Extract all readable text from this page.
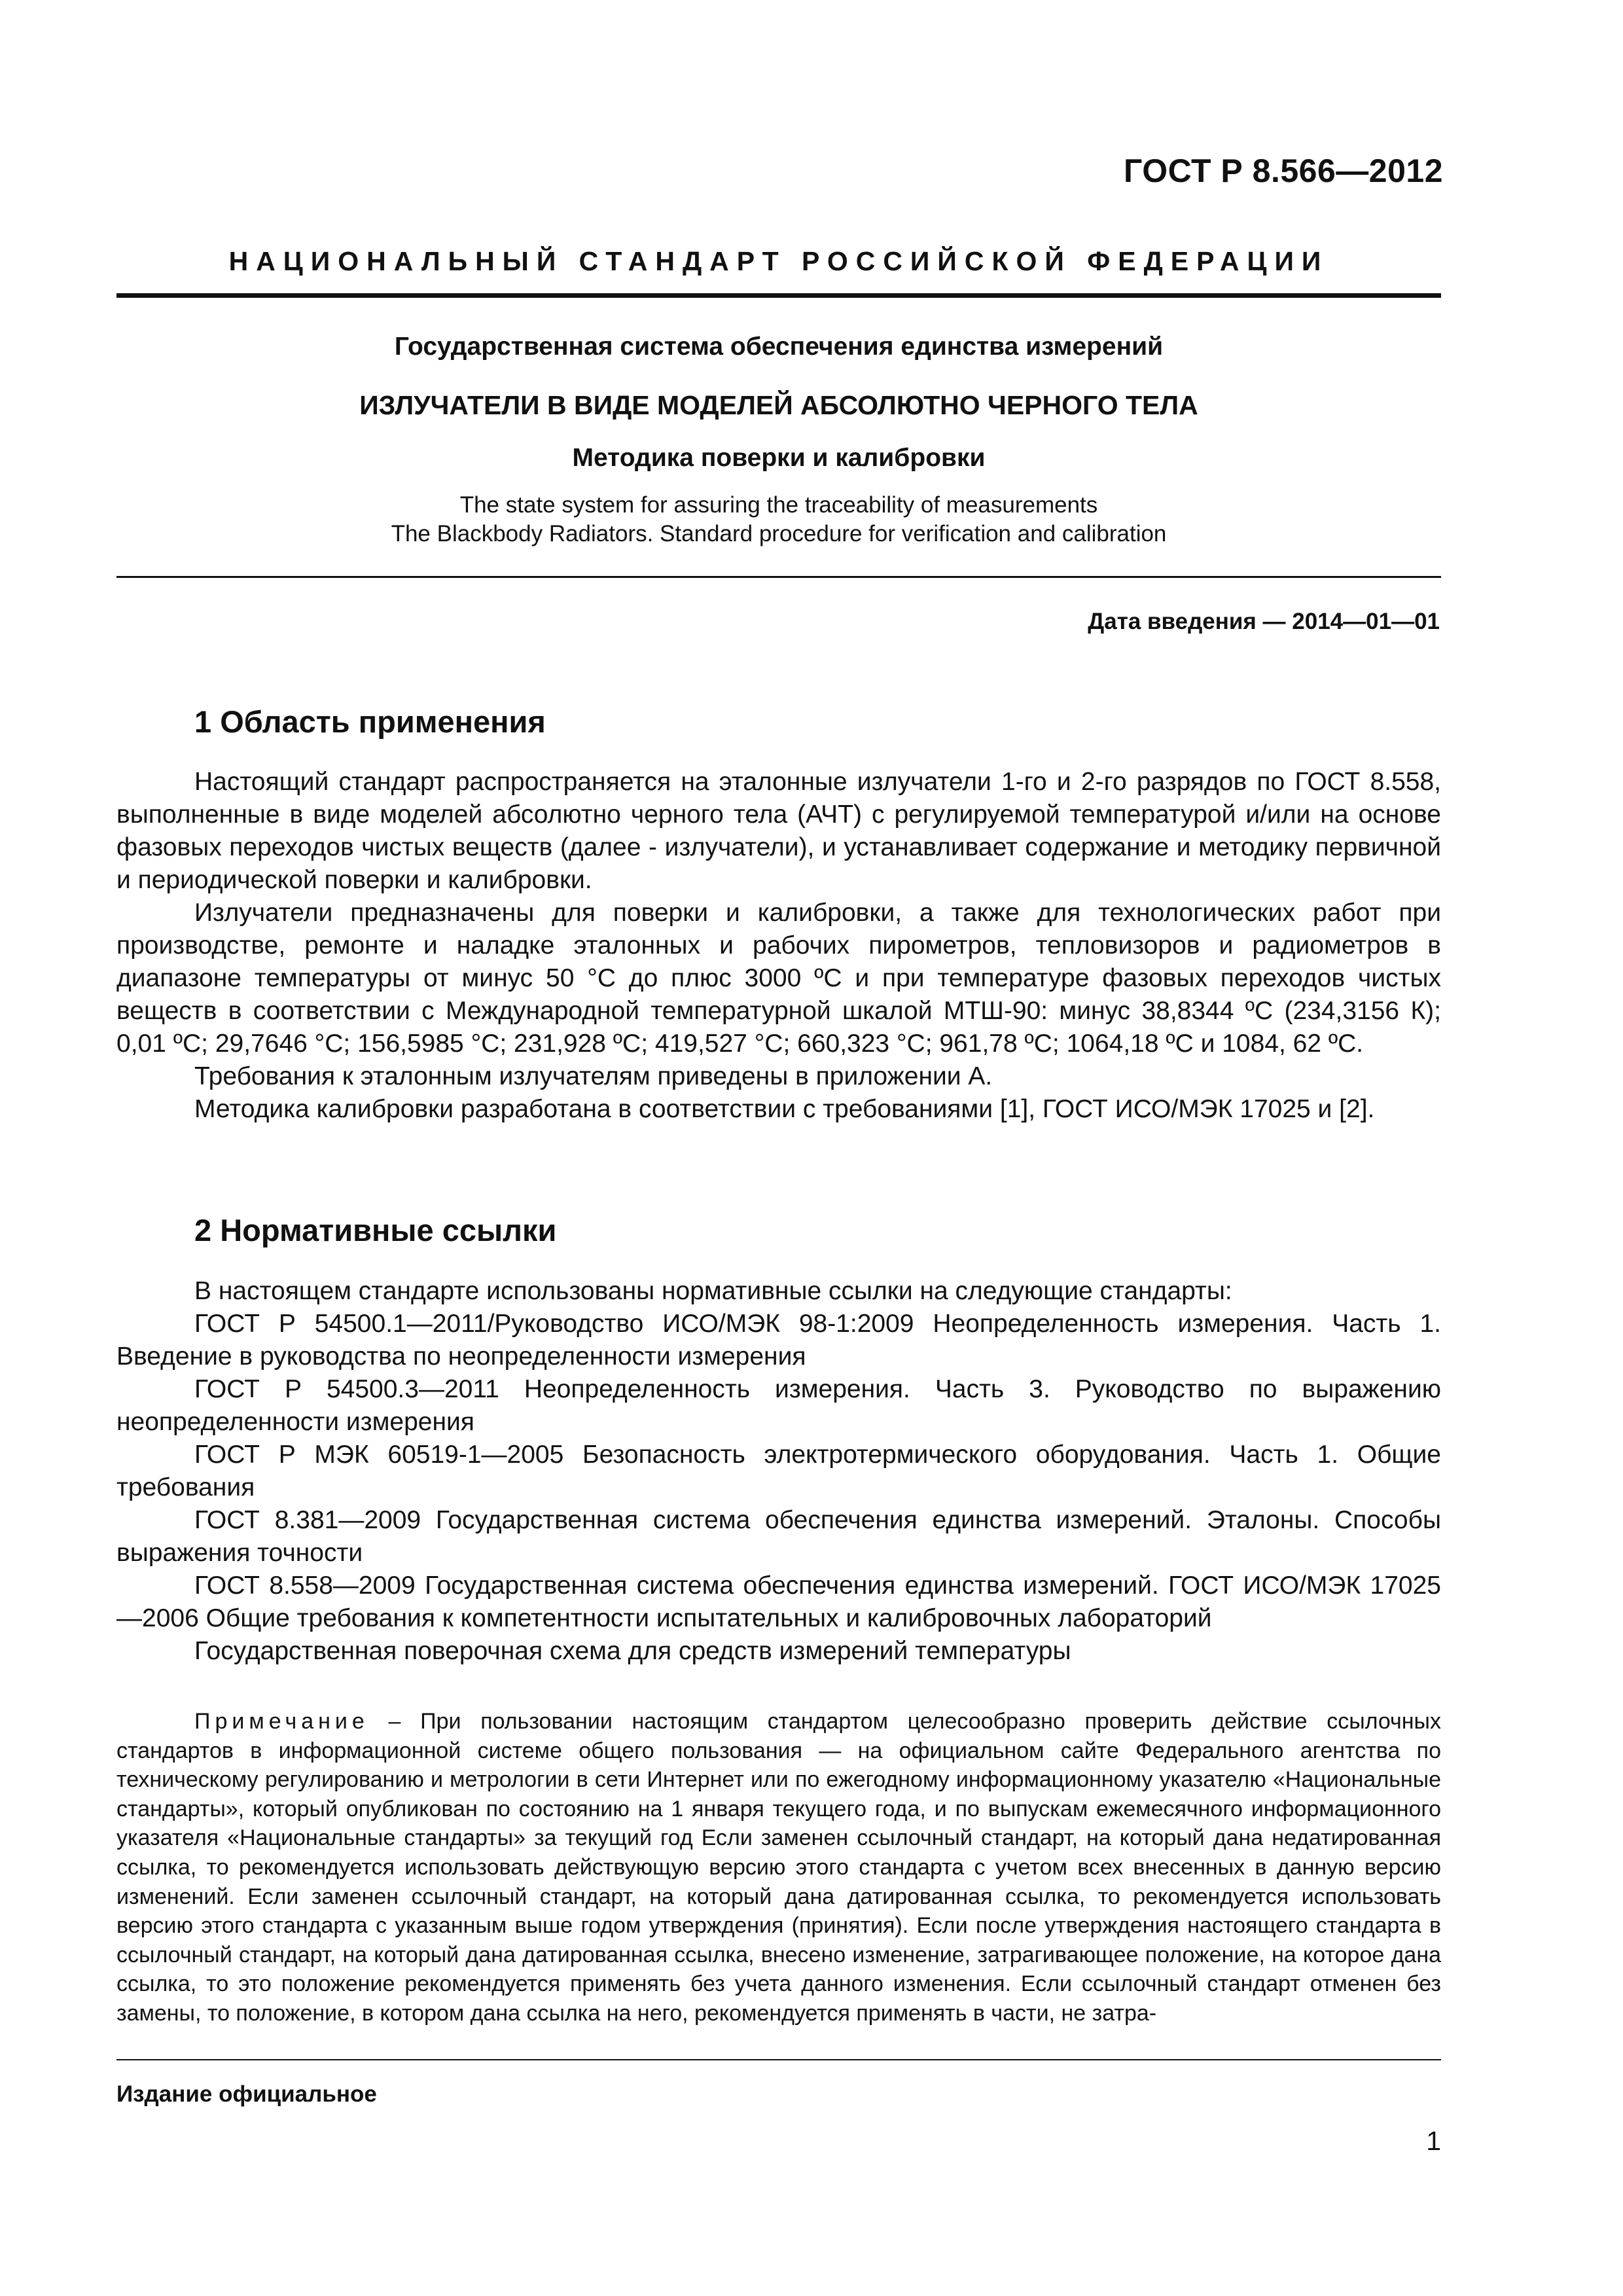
ГОСТ Р 8.566—2012
НАЦИОНАЛЬНЫЙ СТАНДАРТ РОССИЙСКОЙ ФЕДЕРАЦИИ
Государственная система обеспечения единства измерений
ИЗЛУЧАТЕЛИ В ВИДЕ МОДЕЛЕЙ АБСОЛЮТНО ЧЕРНОГО ТЕЛА
Методика поверки и калибровки
The state system for assuring the traceability of measurements
The Blackbody Radiators. Standard procedure for verification and calibration
Дата введения — 2014—01—01
1 Область применения

Настоящий стандарт распространяется на эталонные излучатели 1-го и 2-го разрядов по ГОСТ 8.558, выполненные в виде моделей абсолютно черного тела (АЧТ) с регулируемой температурой и/или на основе фазовых переходов чистых веществ (далее - излучатели), и устанавливает содержание и методику первичной и периодической поверки и калибровки.

Излучатели предназначены для поверки и калибровки, а также для технологических работ при производстве, ремонте и наладке эталонных и рабочих пирометров, тепловизоров и радиометров в диапазоне температуры от минус 50 °С до плюс 3000 ºС и при температуре фазовых переходов чистых веществ в соответствии с Международной температурной шкалой МТШ-90: минус 38,8344 ºС (234,3156 К); 0,01 ºС; 29,7646 °С; 156,5985 °С; 231,928 ºС; 419,527 °С; 660,323 °С; 961,78 ºС; 1064,18 ºС и 1084, 62 ºС.

Требования к эталонным излучателям приведены в приложении А.

Методика калибровки разработана в соответствии с требованиями [1], ГОСТ ИСО/МЭК 17025 и [2].

2 Нормативные ссылки

В настоящем стандарте использованы нормативные ссылки на следующие стандарты:

ГОСТ Р 54500.1—2011/Руководство ИСО/МЭК 98-1:2009 Неопределенность измерения. Часть 1. Введение в руководства по неопределенности измерения

ГОСТ Р 54500.3—2011 Неопределенность измерения. Часть 3. Руководство по выражению неопределенности измерения

ГОСТ Р МЭК 60519-1—2005 Безопасность электротермического оборудования. Часть 1. Общие требования

ГОСТ 8.381—2009 Государственная система обеспечения единства измерений. Эталоны. Способы выражения точности

ГОСТ 8.558—2009 Государственная система обеспечения единства измерений. ГОСТ ИСО/МЭК 17025—2006 Общие требования к компетентности испытательных и калибровочных лабораторий

Государственная поверочная схема для средств измерений температуры

Примечание – При пользовании настоящим стандартом целесообразно проверить действие ссылочных стандартов в информационной системе общего пользования — на официальном сайте Федерального агентства по техническому регулированию и метрологии в сети Интернет или по ежегодному информационному указателю «Национальные стандарты», который опубликован по состоянию на 1 января текущего года, и по выпускам ежемесячного информационного указателя «Национальные стандарты» за текущий год Если заменен ссылочный стандарт, на который дана недатированная ссылка, то рекомендуется использовать действующую версию этого стандарта с учетом всех внесенных в данную версию изменений. Если заменен ссылочный стандарт, на который дана датированная ссылка, то рекомендуется использовать версию этого стандарта с указанным выше годом утверждения (принятия). Если после утверждения настоящего стандарта в ссылочный стандарт, на который дана датированная ссылка, внесено изменение, затрагивающее положение, на которое дана ссылка, то это положение рекомендуется применять без учета данного изменения. Если ссылочный стандарт отменен без замены, то положение, в котором дана ссылка на него, рекомендуется применять в части, не затра-

Издание официальное
1
